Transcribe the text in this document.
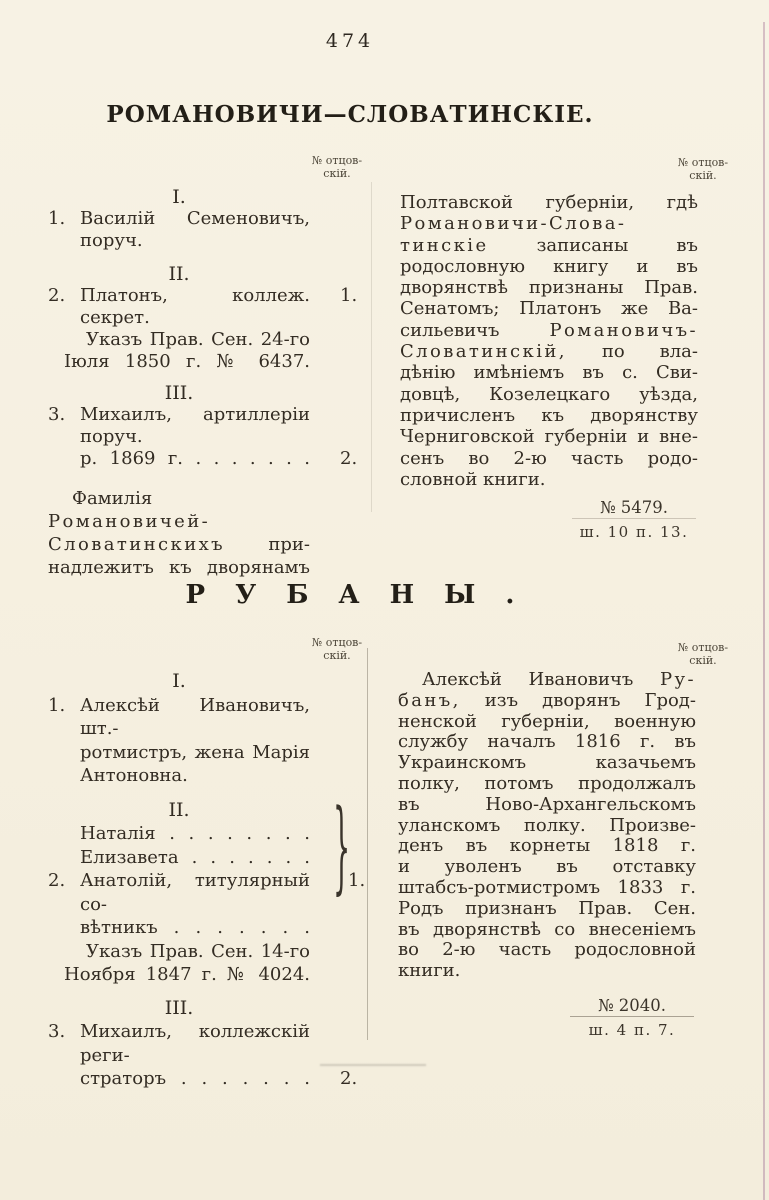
474
РОМАНОВИЧИ—СЛОВАТИНСКІЕ.
№ отцов-
скій.
№ отцов-
скій.
I.
1. Василій Семеновичъ, поруч.
II.
2. Платонъ, коллеж. секрет.
1.
Указъ Прав. Сен. 24-го
Іюля 1850 г. № 6437.
III.
3. Михаилъ, артиллеріи поруч.
р. 1869 г. . . . . . . . 2.
Фамилія Романовичей-
Словатинскихъ при-
надлежитъ къ дворянамъ
Полтавской губерніи, гдѣ
Романовичи-Слова-
тинскіе	записаны въ
родословную книгу и въ
дворянствѣ признаны Прав.
Сенатомъ; Платонъ же Ва-
сильевичъ	Романовичъ-
Словатинскій, по вла-
дѣнію имѣніемъ въ с. Сви-
довцѣ, Козелецкаго уѣзда,
причисленъ къ дворянству
Черниговской губерніи и вне-
сенъ во 2-ю часть родо-
словной книги.
№ 5479.
ш. 10 п. 13.
РУБАНЫ.
№ отцов-
скій.
№ отцов-
скій.
I.
1. Алексѣй Ивановичъ, шт.-
ротмистръ, жена Марія
Антоновна.
II.
Наталія . . . . . . . .
Елизавета . . . . . . .
2. Анатолій, титулярный со-
1.
вѣтникъ . . . . . . .
Указъ Прав. Сен. 14-го
Ноября 1847 г. № 4024.
III.
3. Михаилъ, коллежскій реги-
страторъ . . . . . . . 2.
}
Алексѣй Ивановичъ Ру-
банъ, изъ дворянъ Грод-
ненской губерніи, военную
службу началъ 1816 г. въ
Украинскомъ казачьемъ
полку, потомъ продолжалъ
въ Ново-Архангельскомъ
уланскомъ полку. Произве-
денъ въ корнеты 1818 г.
и уволенъ въ отставку
штабсъ-ротмистромъ 1833 г.
Родъ признанъ Прав. Сен.
въ дворянствѣ со внесеніемъ
во 2-ю часть родословной
книги.
№ 2040.
ш. 4 п. 7.
